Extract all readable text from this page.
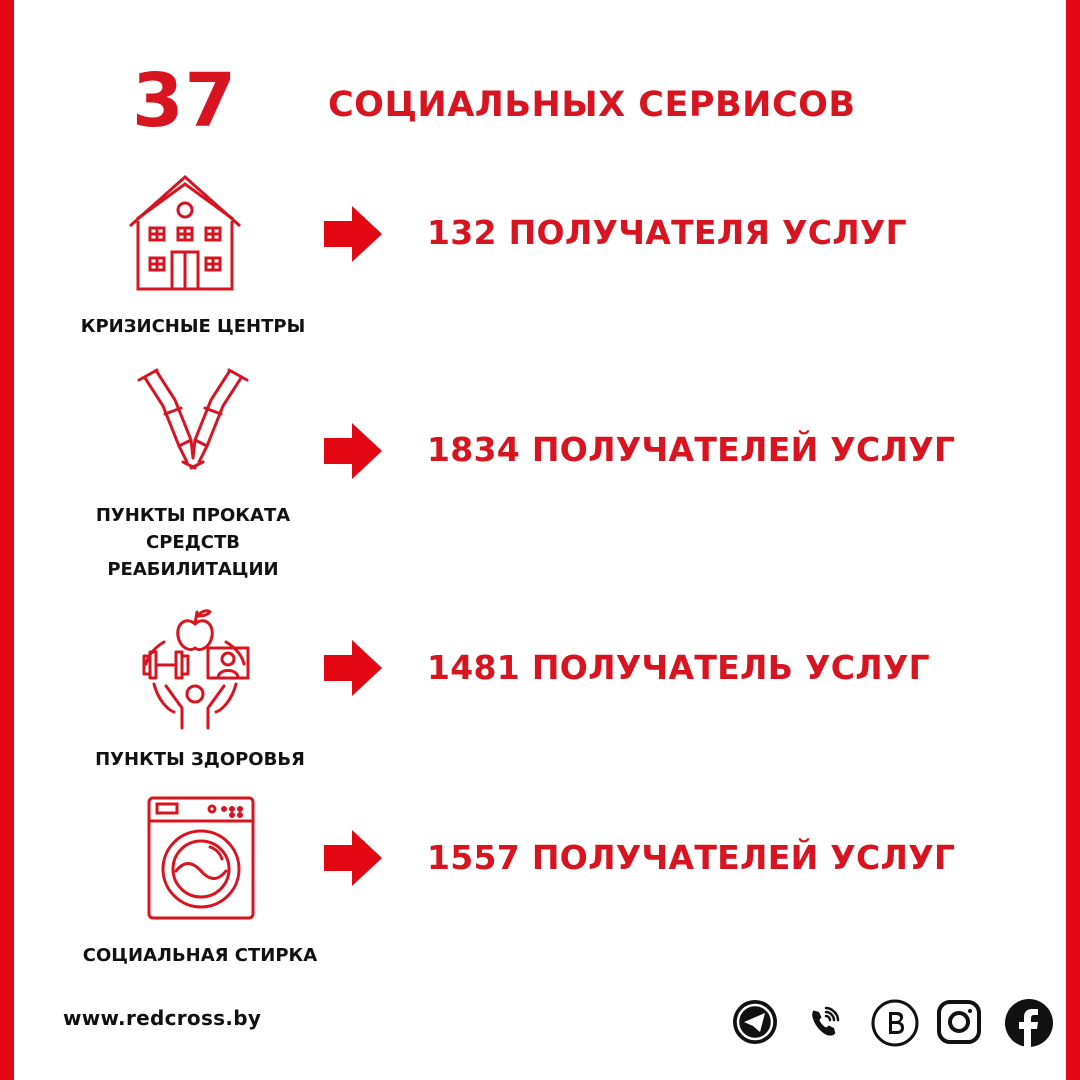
37	СОЦИАЛЬНЫХ СЕРВИСОВ
КРИЗИСНЫЕ ЦЕНТРЫ
132 ПОЛУЧАТЕЛЯ УСЛУГ
ПУНКТЫ ПРОКАТА
СРЕДСТВ
РЕАБИЛИТАЦИИ
1834 ПОЛУЧАТЕЛЕЙ УСЛУГ
ПУНКТЫ ЗДОРОВЬЯ
1481 ПОЛУЧАТЕЛЬ УСЛУГ
СОЦИАЛЬНАЯ СТИРКА
1557 ПОЛУЧАТЕЛЕЙ УСЛУГ
www.redcross.by
